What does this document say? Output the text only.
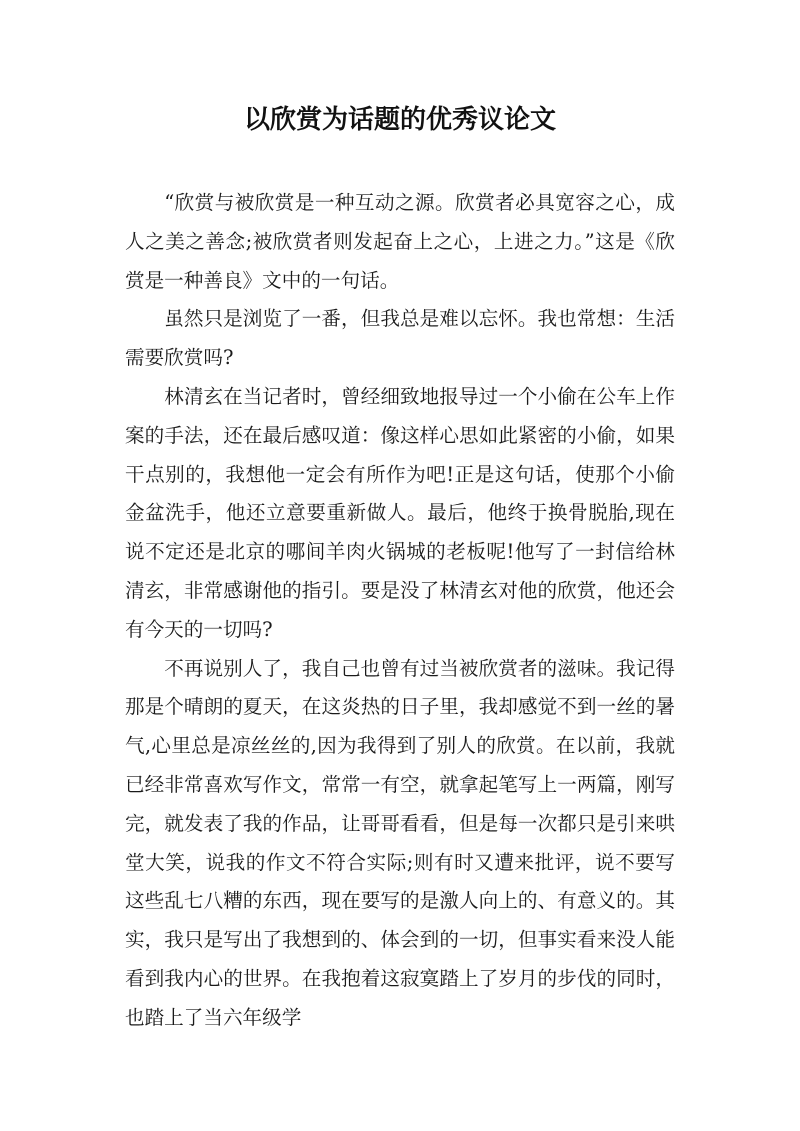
以欣赏为话题的优秀议论文

“欣赏与被欣赏是一种互动之源。欣赏者必具宽容之心，成人之美之善念;被欣赏者则发起奋上之心，上进之力。”这是《欣赏是一种善良》文中的一句话。

虽然只是浏览了一番，但我总是难以忘怀。我也常想：生活需要欣赏吗?

林清玄在当记者时，曾经细致地报导过一个小偷在公车上作案的手法，还在最后感叹道：像这样心思如此紧密的小偷，如果干点别的，我想他一定会有所作为吧!正是这句话，使那个小偷金盆洗手，他还立意要重新做人。最后，他终于换骨脱胎,现在说不定还是北京的哪间羊肉火锅城的老板呢!他写了一封信给林清玄，非常感谢他的指引。要是没了林清玄对他的欣赏，他还会有今天的一切吗?

不再说别人了，我自己也曾有过当被欣赏者的滋味。我记得那是个晴朗的夏天，在这炎热的日子里，我却感觉不到一丝的暑气,心里总是凉丝丝的,因为我得到了别人的欣赏。在以前，我就已经非常喜欢写作文，常常一有空，就拿起笔写上一两篇，刚写完，就发表了我的作品，让哥哥看看，但是每一次都只是引来哄堂大笑，说我的作文不符合实际;则有时又遭来批评，说不要写这些乱七八糟的东西，现在要写的是激人向上的、有意义的。其实，我只是写出了我想到的、体会到的一切，但事实看来没人能看到我内心的世界。在我抱着这寂寞踏上了岁月的步伐的同时，也踏上了当六年级学
